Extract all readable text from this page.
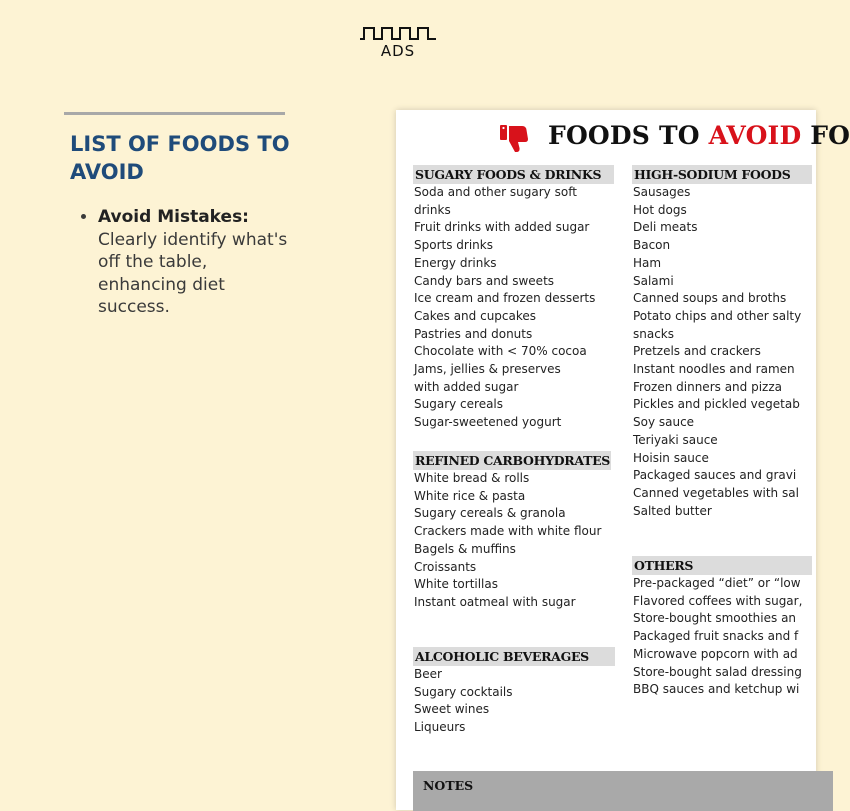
ADS
LIST OF FOODS TO AVOID
• Avoid Mistakes: Clearly identify what's off the table, enhancing diet success.
FOODS TO AVOID FO
SUGARY FOODS & DRINKS
Soda and other sugary soft drinks
Fruit drinks with added sugar
Sports drinks
Energy drinks
Candy bars and sweets
Ice cream and frozen desserts
Cakes and cupcakes
Pastries and donuts
Chocolate with < 70% cocoa
Jams, jellies & preserves with added sugar
Sugary cereals
Sugar-sweetened yogurt
REFINED CARBOHYDRATES
White bread & rolls
White rice & pasta
Sugary cereals & granola
Crackers made with white flour
Bagels & muffins
Croissants
White tortillas
Instant oatmeal with sugar
ALCOHOLIC BEVERAGES
Beer
Sugary cocktails
Sweet wines
Liqueurs
HIGH-SODIUM FOODS
Sausages
Hot dogs
Deli meats
Bacon
Ham
Salami
Canned soups and broths
Potato chips and other salty snacks
Pretzels and crackers
Instant noodles and ramen
Frozen dinners and pizza
Pickles and pickled vegetab
Soy sauce
Teriyaki sauce
Hoisin sauce
Packaged sauces and gravi
Canned vegetables with sal
Salted butter
OTHERS
Pre-packaged “diet” or “low
Flavored coffees with sugar,
Store-bought smoothies an
Packaged fruit snacks and f
Microwave popcorn with ad
Store-bought salad dressing
BBQ sauces and ketchup wi
NOTES
